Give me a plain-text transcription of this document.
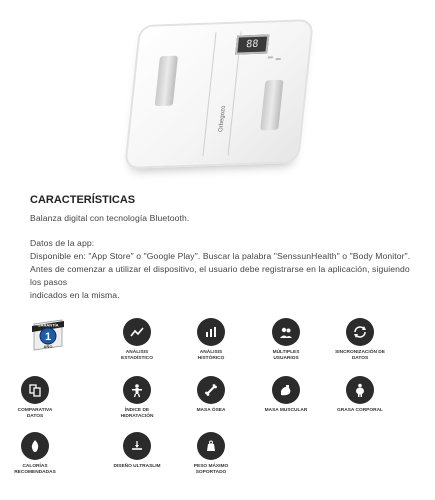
88
Orbegozo
CARACTERÍSTICAS
Balanza digital con tecnología Bluetooth.
Datos de la app:
Disponible en: "App Store" o "Google Play". Buscar la palabra "SenssunHealth" o "Body Monitor".
Antes de comenzar a utilizar el dispositivo, el usuario debe registrarse en la aplicación, siguiendo
los pasos
indicados en la misma.
GARANTÍA
1
AÑO
ANÁLISIS ESTADÍSTICO
ANÁLISIS HISTÓRICO
MÚLTIPLES USUARIOS
SINCRONIZACIÓN DE DATOS
COMPARATIVA DATOS
ÍNDICE DE HIDRATACIÓN
MASA ÓSEA	MASA MUSCULAR	GRASA CORPORAL
CALORÍAS RECOMENDADAS
DISEÑO ULTRASLIM	PESO MÁXIMO SOPORTADO
